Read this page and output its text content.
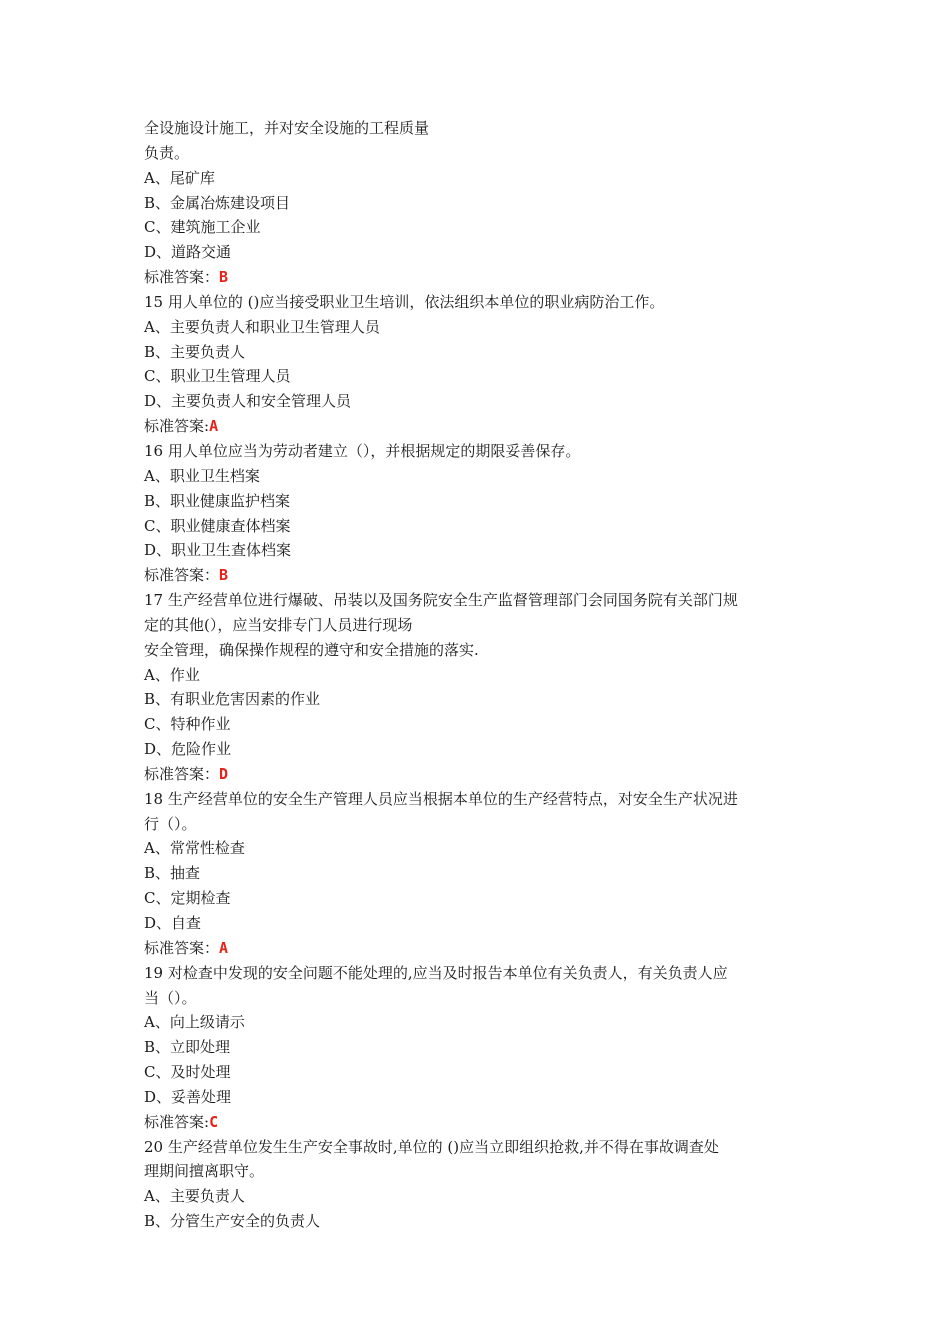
全设施设计施工，并对安全设施的工程质量

负责。

A、尾矿库

B、金属冶炼建设项目

C、建筑施工企业

D、道路交通

标准答案：B

15 用人单位的 ()应当接受职业卫生培训，依法组织本单位的职业病防治工作。

A、主要负责人和职业卫生管理人员

B、主要负责人

C、职业卫生管理人员

D、主要负责人和安全管理人员

标准答案:A

16 用人单位应当为劳动者建立（），并根据规定的期限妥善保存。

A、职业卫生档案

B、职业健康监护档案

C、职业健康查体档案

D、职业卫生查体档案

标准答案：B

17 生产经营单位进行爆破、吊装以及国务院安全生产监督管理部门会同国务院有关部门规

定的其他(），应当安排专门人员进行现场

安全管理，确保操作规程的遵守和安全措施的落实.

A、作业

B、有职业危害因素的作业

C、特种作业

D、危险作业

标准答案：D

18 生产经营单位的安全生产管理人员应当根据本单位的生产经营特点，对安全生产状况进

行（）。

A、常常性检查

B、抽查

C、定期检查

D、自查

标准答案：A

19 对检查中发现的安全问题不能处理的,应当及时报告本单位有关负责人，有关负责人应

当（）。

A、向上级请示

B、立即处理

C、及时处理

D、妥善处理

标准答案:C

20 生产经营单位发生生产安全事故时,单位的 ()应当立即组织抢救,并不得在事故调查处

理期间擅离职守。

A、主要负责人

B、分管生产安全的负责人
